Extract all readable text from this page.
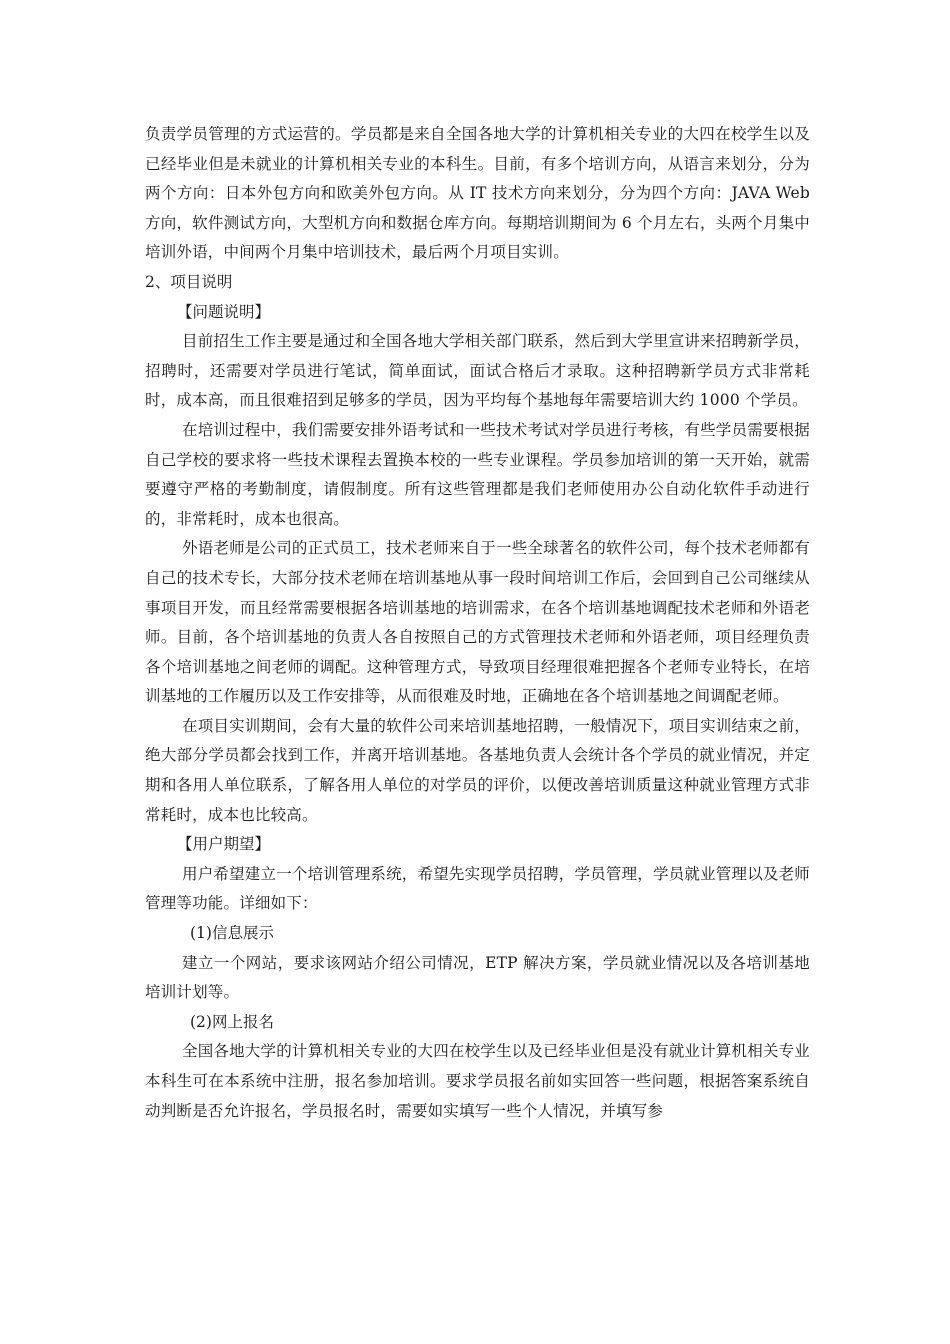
负责学员管理的方式运营的。学员都是来自全国各地大学的计算机相关专业的大四在校学生以及已经毕业但是未就业的计算机相关专业的本科生。目前，有多个培训方向，从语言来划分，分为两个方向：日本外包方向和欧美外包方向。从 IT 技术方向来划分，分为四个方向：JAVA Web 方向，软件测试方向，大型机方向和数据仓库方向。每期培训期间为 6 个月左右，头两个月集中培训外语，中间两个月集中培训技术，最后两个月项目实训。

2、项目说明

【问题说明】

目前招生工作主要是通过和全国各地大学相关部门联系，然后到大学里宣讲来招聘新学员，招聘时，还需要对学员进行笔试，简单面试，面试合格后才录取。这种招聘新学员方式非常耗时，成本高，而且很难招到足够多的学员，因为平均每个基地每年需要培训大约 1000 个学员。

在培训过程中，我们需要安排外语考试和一些技术考试对学员进行考核，有些学员需要根据自己学校的要求将一些技术课程去置换本校的一些专业课程。学员参加培训的第一天开始，就需要遵守严格的考勤制度，请假制度。所有这些管理都是我们老师使用办公自动化软件手动进行的，非常耗时，成本也很高。

外语老师是公司的正式员工，技术老师来自于一些全球著名的软件公司，每个技术老师都有自己的技术专长，大部分技术老师在培训基地从事一段时间培训工作后，会回到自己公司继续从事项目开发，而且经常需要根据各培训基地的培训需求，在各个培训基地调配技术老师和外语老师。目前，各个培训基地的负责人各自按照自己的方式管理技术老师和外语老师，项目经理负责各个培训基地之间老师的调配。这种管理方式，导致项目经理很难把握各个老师专业特长，在培训基地的工作履历以及工作安排等，从而很难及时地，正确地在各个培训基地之间调配老师。

在项目实训期间，会有大量的软件公司来培训基地招聘，一般情况下，项目实训结束之前，绝大部分学员都会找到工作，并离开培训基地。各基地负责人会统计各个学员的就业情况，并定期和各用人单位联系，了解各用人单位的对学员的评价，以便改善培训质量这种就业管理方式非常耗时，成本也比较高。

【用户期望】

用户希望建立一个培训管理系统，希望先实现学员招聘，学员管理，学员就业管理以及老师管理等功能。详细如下：

(1)信息展示

建立一个网站，要求该网站介绍公司情况，ETP 解决方案，学员就业情况以及各培训基地培训计划等。

(2)网上报名

全国各地大学的计算机相关专业的大四在校学生以及已经毕业但是没有就业计算机相关专业本科生可在本系统中注册，报名参加培训。要求学员报名前如实回答一些问题，根据答案系统自动判断是否允许报名，学员报名时，需要如实填写一些个人情况，并填写参
